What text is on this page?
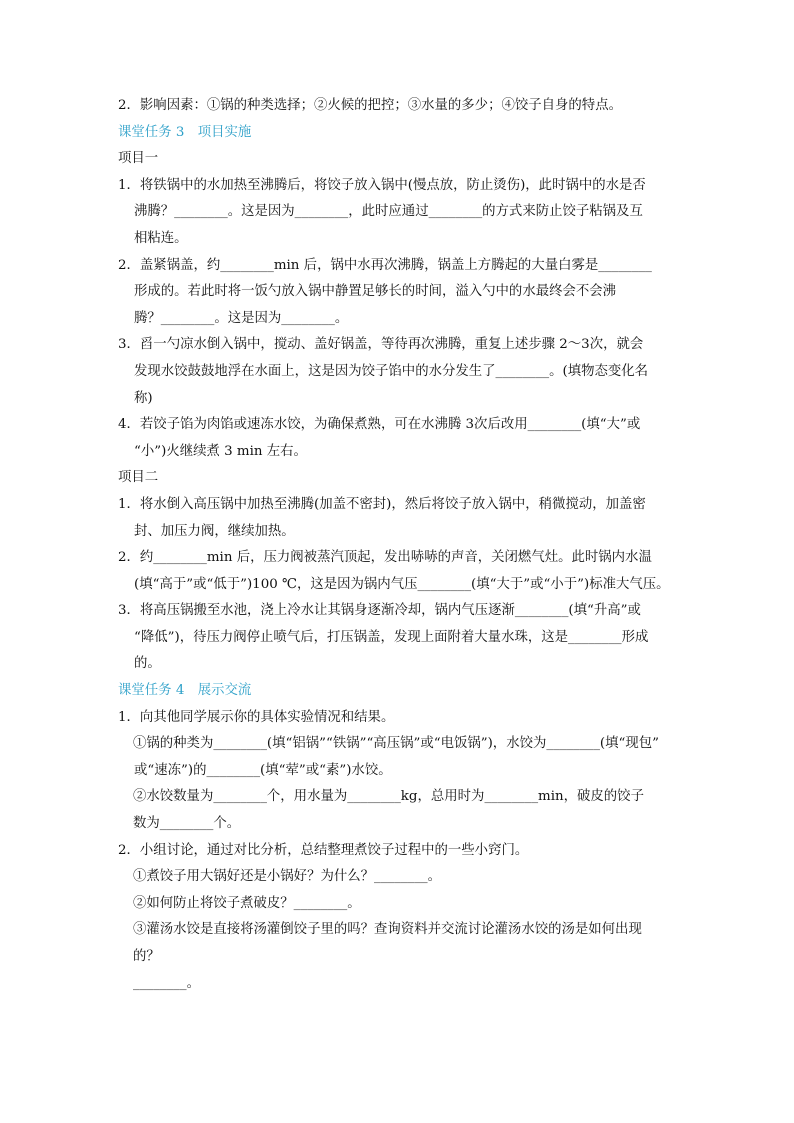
2．影响因素：①锅的种类选择；②火候的把控；③水量的多少；④饺子自身的特点。
课堂任务 3　项目实施
项目一
1．将铁锅中的水加热至沸腾后，将饺子放入锅中(慢点放，防止烫伤)，此时锅中的水是否
沸腾？________。这是因为________，此时应通过________的方式来防止饺子粘锅及互
相粘连。
2．盖紧锅盖，约________min 后，锅中水再次沸腾，锅盖上方腾起的大量白雾是________
形成的。若此时将一饭勺放入锅中静置足够长的时间，溢入勺中的水最终会不会沸
腾？________。这是因为________。
3．舀一勺凉水倒入锅中，搅动、盖好锅盖，等待再次沸腾，重复上述步骤 2～3次，就会
发现水饺鼓鼓地浮在水面上，这是因为饺子馅中的水分发生了________。(填物态变化名
称)
4．若饺子馅为肉馅或速冻水饺，为确保煮熟，可在水沸腾 3次后改用________(填“大”或
“小”)火继续煮 3 min 左右。
项目二
1．将水倒入高压锅中加热至沸腾(加盖不密封)，然后将饺子放入锅中，稍微搅动，加盖密
封、加压力阀，继续加热。
2．约________min 后，压力阀被蒸汽顶起，发出哧哧的声音，关闭燃气灶。此时锅内水温
(填“高于”或“低于”)100 ℃，这是因为锅内气压________(填“大于”或“小于”)标准大气压。
3．将高压锅搬至水池，浇上冷水让其锅身逐渐冷却，锅内气压逐渐________(填“升高”或
“降低”)，待压力阀停止喷气后，打压锅盖，发现上面附着大量水珠，这是________形成
的。
课堂任务 4　展示交流
1．向其他同学展示你的具体实验情况和结果。
①锅的种类为________(填“铝锅”“铁锅”“高压锅”或“电饭锅”)，水饺为________(填“现包”
或“速冻”)的________(填“荤”或“素”)水饺。
②水饺数量为________个，用水量为________kg，总用时为________min，破皮的饺子
数为________个。
2．小组讨论，通过对比分析，总结整理煮饺子过程中的一些小窍门。
①煮饺子用大锅好还是小锅好？为什么？________。
②如何防止将饺子煮破皮？________。
③灌汤水饺是直接将汤灌倒饺子里的吗？查询资料并交流讨论灌汤水饺的汤是如何出现
的？
________。
